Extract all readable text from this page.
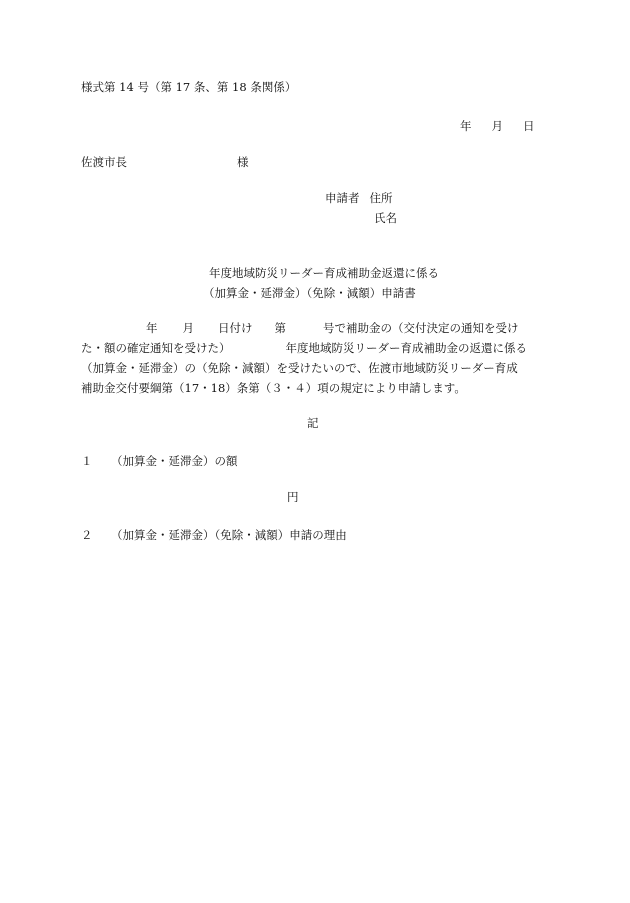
様式第 14 号（第 17 条、第 18 条関係）
年 月 日
佐渡市長	様
申請者 住所
氏名
年度地域防災リーダー育成補助金返還に係る
（加算金・延滞金）（免除・減額）申請書
年 月 日付け 第	号で補助金の（交付決定の通知を受け
た・額の確定通知を受けた）	年度地域防災リーダー育成補助金の返還に係る
（加算金・延滞金）の（免除・減額）を受けたいので、佐渡市地域防災リーダー育成
補助金交付要綱第（17・18）条第（３・４）項の規定により申請します。
記
１ （加算金・延滞金）の額
円
２ （加算金・延滞金）（免除・減額）申請の理由
